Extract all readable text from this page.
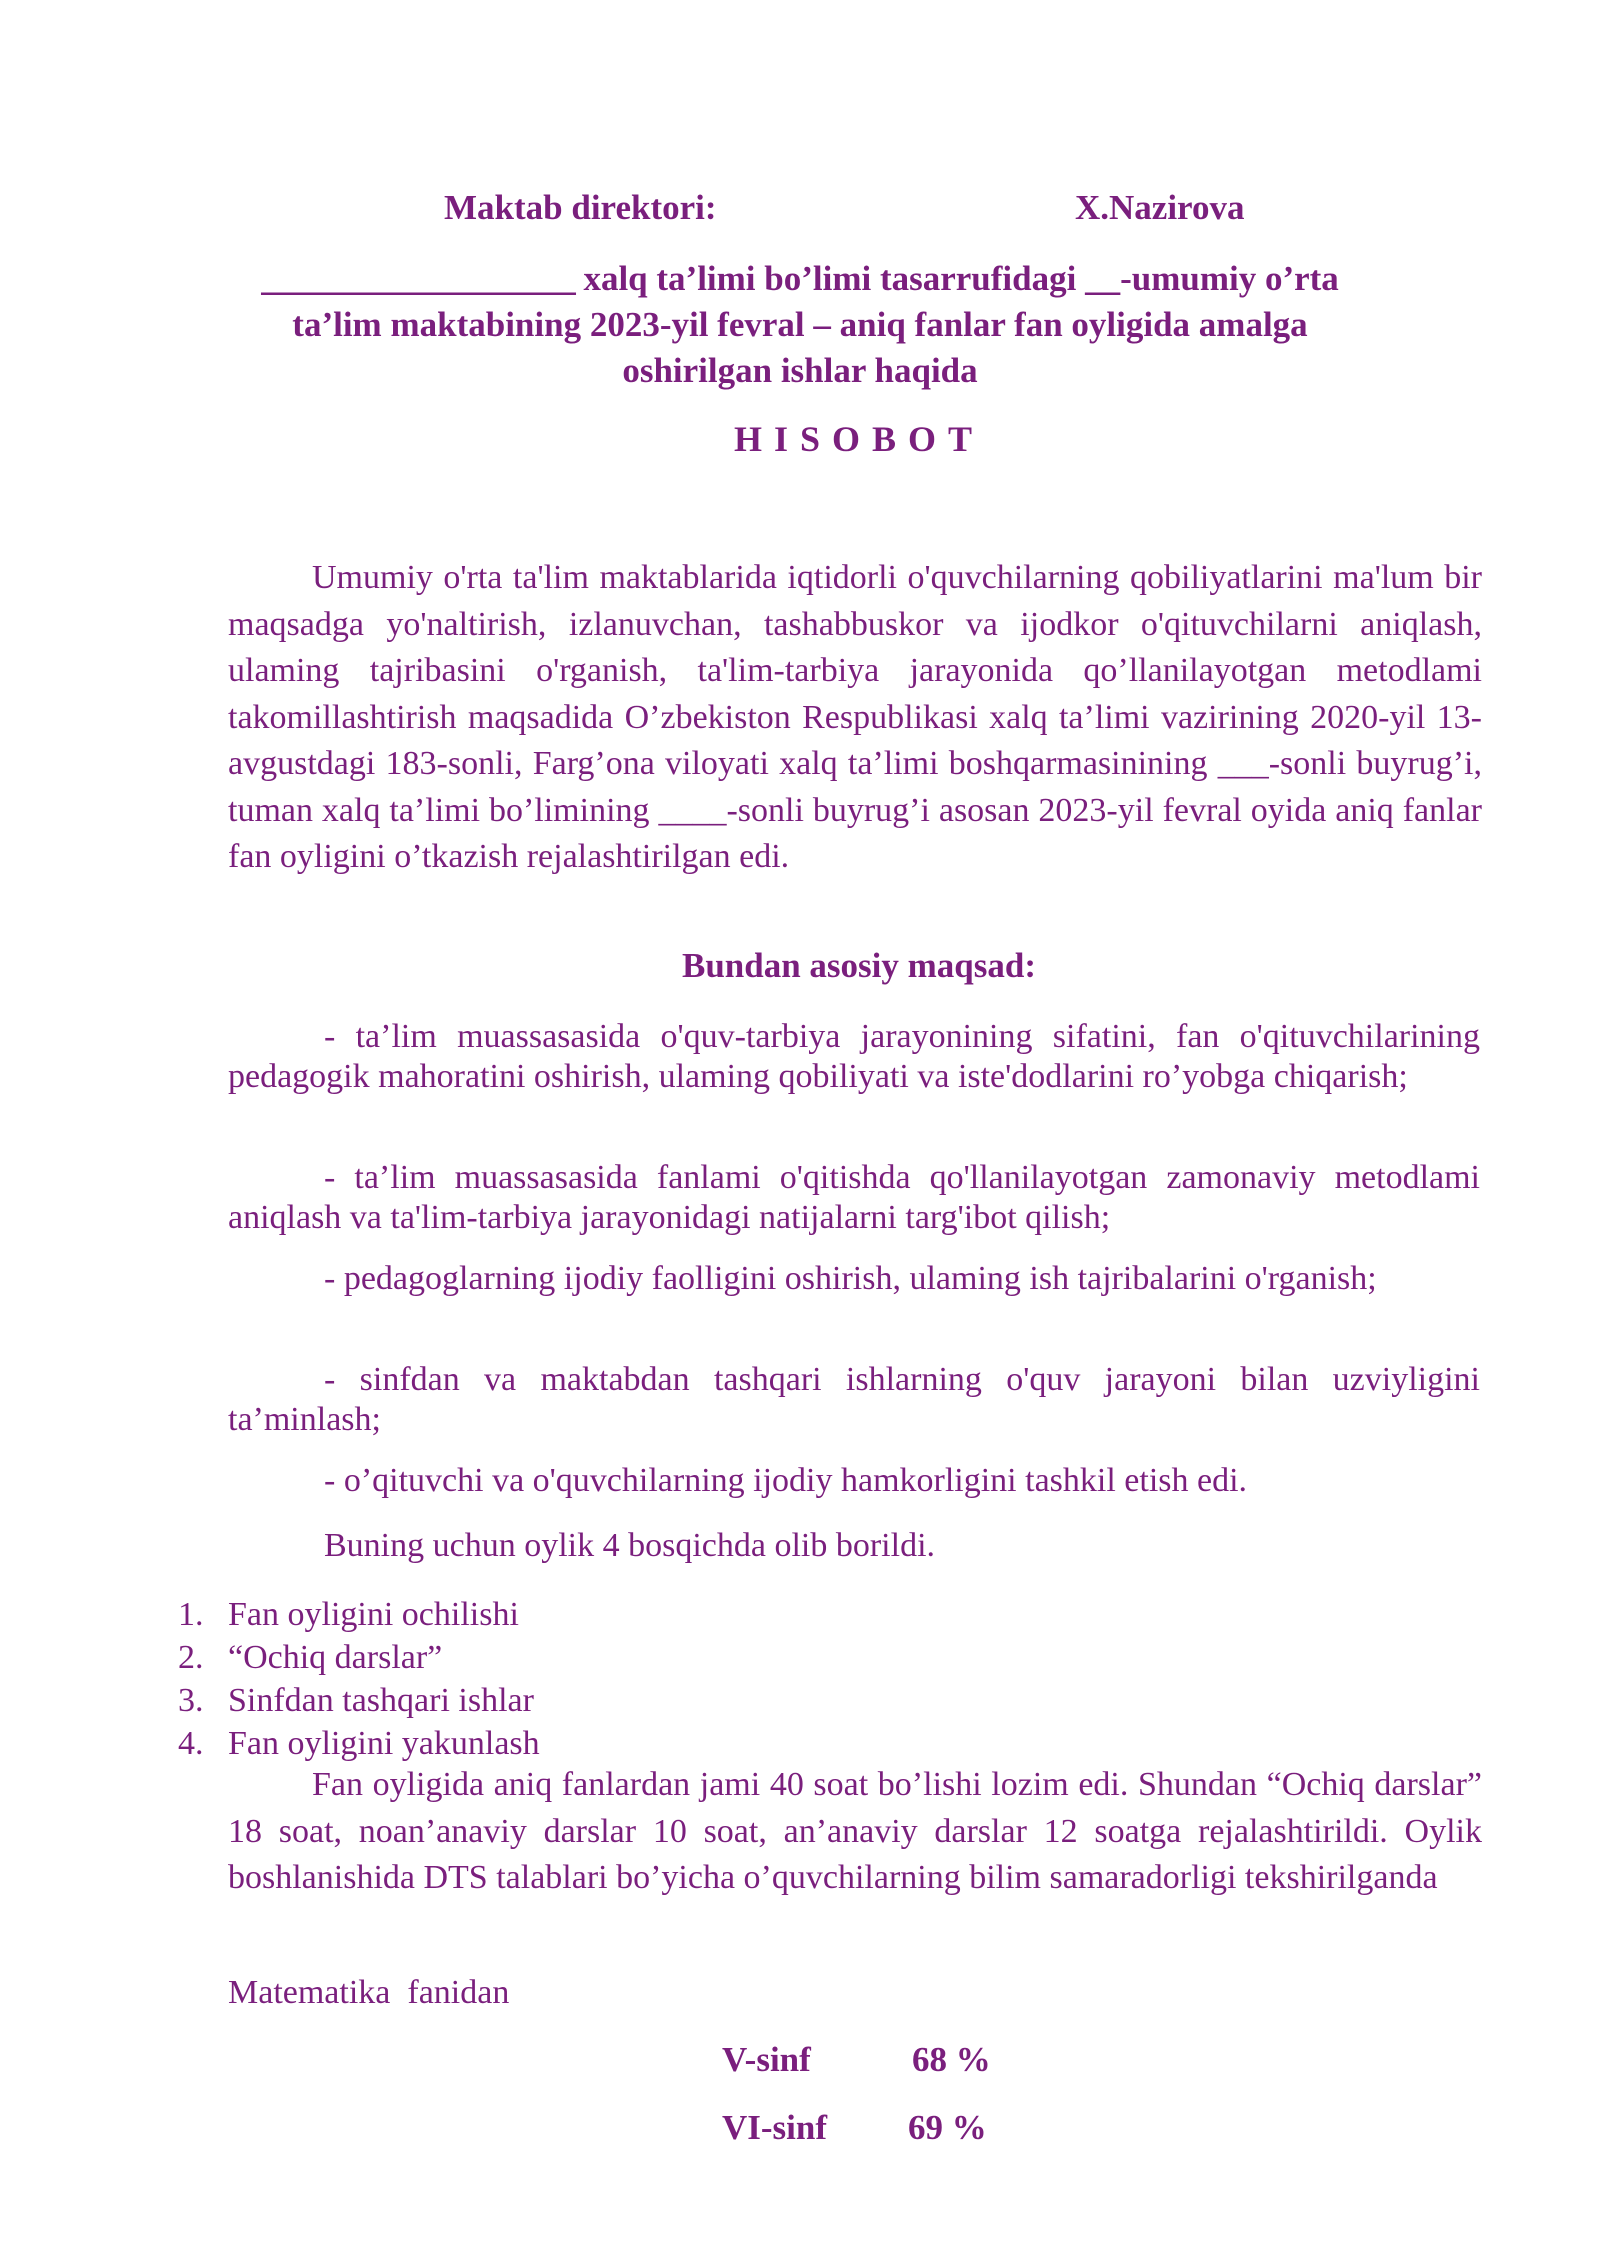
Maktab direktori:	X.Nazirova
___________________ xalq ta’limi bo’limi tasarrufidagi __-umumiy o’rta
ta’lim maktabining 2023-yil fevral – aniq fanlar fan oyligida amalga
oshirilgan ishlar haqida
HISOBOT
Umumiy o'rta ta'lim maktablarida iqtidorli o'quvchilarning qobiliyatlarini ma'lum bir maqsadga yo'naltirish, izlanuvchan, tashabbuskor va ijodkor o'qituvchilarni aniqlash, ulaming tajribasini o'rganish, ta'lim-tarbiya jarayonida qo’llanilayotgan metodlami takomillashtirish maqsadida O’zbekiston Respublikasi xalq ta’limi vazirining 2020-yil 13-avgustdagi 183-sonli, Farg’ona viloyati xalq ta’limi boshqarmasinining ___-sonli buyrug’i, tuman xalq ta’limi bo’limining ____-sonli buyrug’i asosan 2023-yil fevral oyida aniq fanlar fan oyligini o’tkazish rejalashtirilgan edi.
Bundan asosiy maqsad:
- ta’lim muassasasida o'quv-tarbiya jarayonining sifatini, fan o'qituvchilarining pedagogik mahoratini oshirish, ulaming qobiliyati va iste'dodlarini ro’yobga chiqarish;
- ta’lim muassasasida fanlami o'qitishda qo'llanilayotgan zamonaviy metodlami aniqlash va ta'lim-tarbiya jarayonidagi natijalarni targ'ibot qilish;
- pedagoglarning ijodiy faolligini oshirish, ulaming ish tajribalarini o'rganish;
- sinfdan va maktabdan tashqari ishlarning o'quv jarayoni bilan uzviyligini ta’minlash;
- o’qituvchi va o'quvchilarning ijodiy hamkorligini tashkil etish edi.
Buning uchun oylik 4 bosqichda olib borildi.
1. Fan oyligini ochilishi
2. “Ochiq darslar”
3. Sinfdan tashqari ishlar
4. Fan oyligini yakunlash
Fan oyligida aniq fanlardan jami 40 soat bo’lishi lozim edi. Shundan “Ochiq darslar” 18 soat, noan’anaviy darslar 10 soat, an’anaviy darslar 12 soatga rejalashtirildi. Oylik boshlanishida DTS talablari bo’yicha o’quvchilarning bilim samaradorligi tekshirilganda
Matematika  fanidan
V-sinf	68 %
VI-sinf 69 %
